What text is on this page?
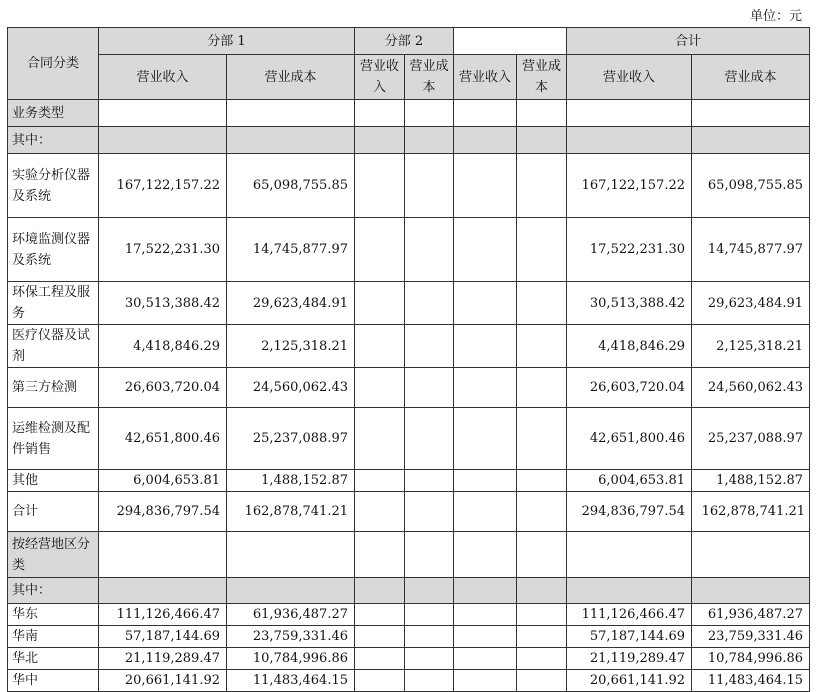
单位：元
合同分类	分部 1		分部 2				合计	
	营业收入	营业成本	营业收入	营业成本	营业收入	营业成本	营业收入	营业成本
业务类型								
其中：								
实验分析仪器及系统	167,122,157.22	65,098,755.85					167,122,157.22	65,098,755.85
环境监测仪器及系统	17,522,231.30	14,745,877.97					17,522,231.30	14,745,877.97
环保工程及服务	30,513,388.42	29,623,484.91					30,513,388.42	29,623,484.91
医疗仪器及试剂	4,418,846.29	2,125,318.21					4,418,846.29	2,125,318.21
第三方检测	26,603,720.04	24,560,062.43					26,603,720.04	24,560,062.43
运维检测及配件销售	42,651,800.46	25,237,088.97					42,651,800.46	25,237,088.97
其他	6,004,653.81	1,488,152.87					6,004,653.81	1,488,152.87
合计	294,836,797.54	162,878,741.21					294,836,797.54	162,878,741.21
按经营地区分类								
其中：								
华东	111,126,466.47	61,936,487.27					111,126,466.47	61,936,487.27
华南	57,187,144.69	23,759,331.46					57,187,144.69	23,759,331.46
华北	21,119,289.47	10,784,996.86					21,119,289.47	10,784,996.86
华中	20,661,141.92	11,483,464.15					20,661,141.92	11,483,464.15
